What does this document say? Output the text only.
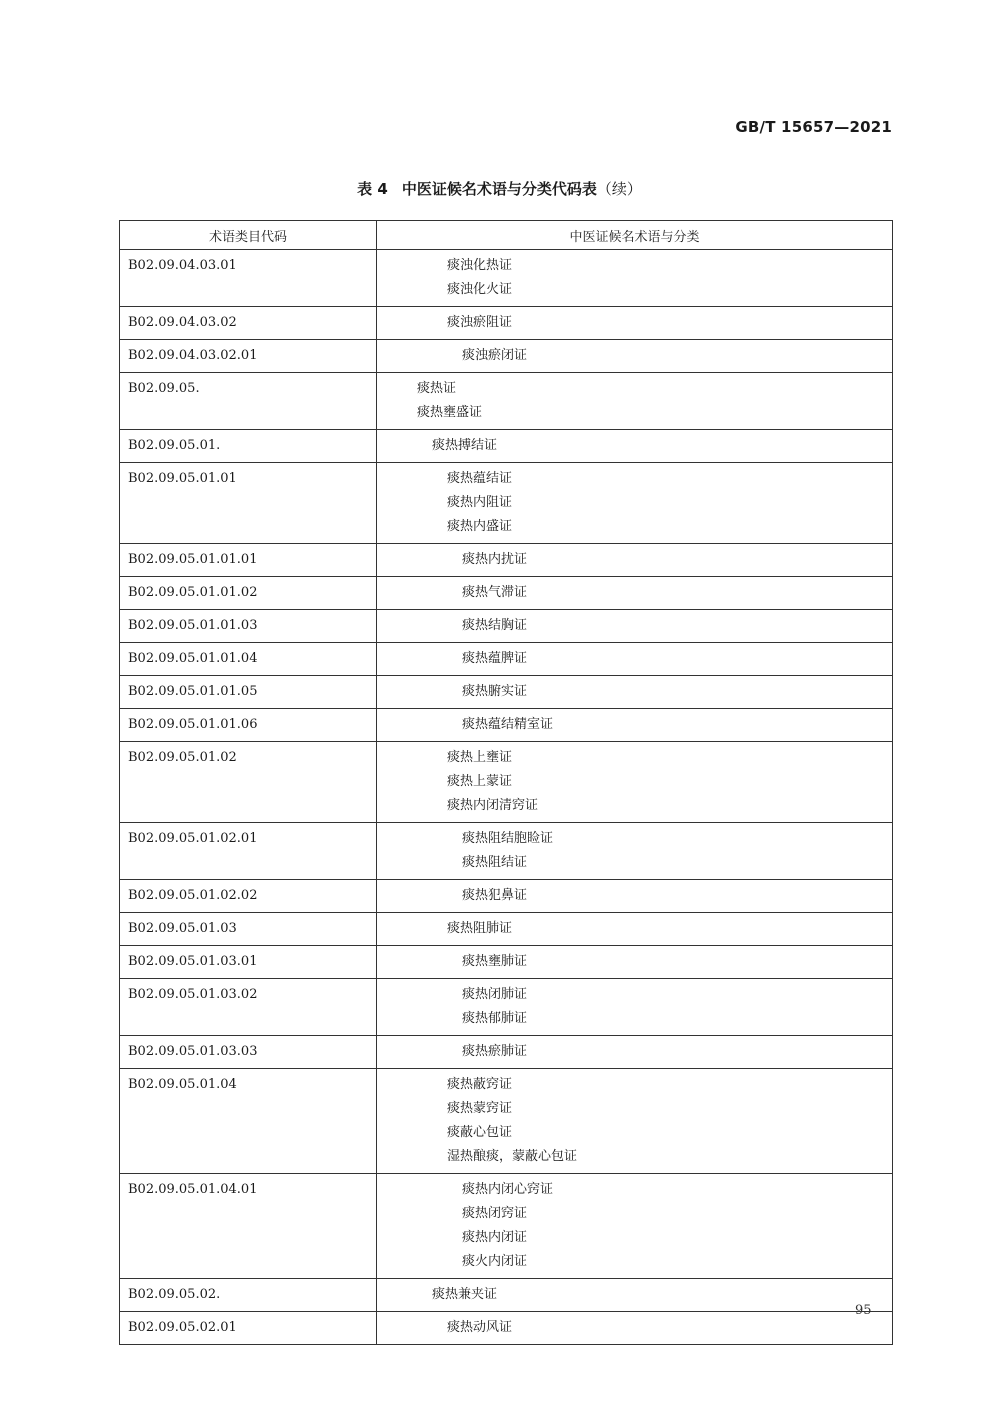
GB/T 15657—2021
表 4 中医证候名术语与分类代码表（续）
术语类目代码	中医证候名术语与分类
B02.09.04.03.01	痰浊化热证
痰浊化火证

B02.09.04.03.02	痰浊瘀阻证

B02.09.04.03.02.01	痰浊瘀闭证

B02.09.05.	痰热证
痰热壅盛证

B02.09.05.01.	痰热搏结证

B02.09.05.01.01	痰热蕴结证
痰热内阻证
痰热内盛证

B02.09.05.01.01.01	痰热内扰证

B02.09.05.01.01.02	痰热气滞证

B02.09.05.01.01.03	痰热结胸证

B02.09.05.01.01.04	痰热蕴脾证

B02.09.05.01.01.05	痰热腑实证

B02.09.05.01.01.06	痰热蕴结精室证

B02.09.05.01.02	痰热上壅证
痰热上蒙证
痰热内闭清窍证

B02.09.05.01.02.01	痰热阻结胞睑证
痰热阻结证

B02.09.05.01.02.02	痰热犯鼻证

B02.09.05.01.03	痰热阻肺证

B02.09.05.01.03.01	痰热壅肺证

B02.09.05.01.03.02	痰热闭肺证
痰热郁肺证

B02.09.05.01.03.03	痰热瘀肺证

B02.09.05.01.04	痰热蔽窍证
痰热蒙窍证
痰蔽心包证
湿热酿痰，蒙蔽心包证

B02.09.05.01.04.01	痰热内闭心窍证
痰热闭窍证
痰热内闭证
痰火内闭证

B02.09.05.02.	痰热兼夹证

B02.09.05.02.01	痰热动风证
95
